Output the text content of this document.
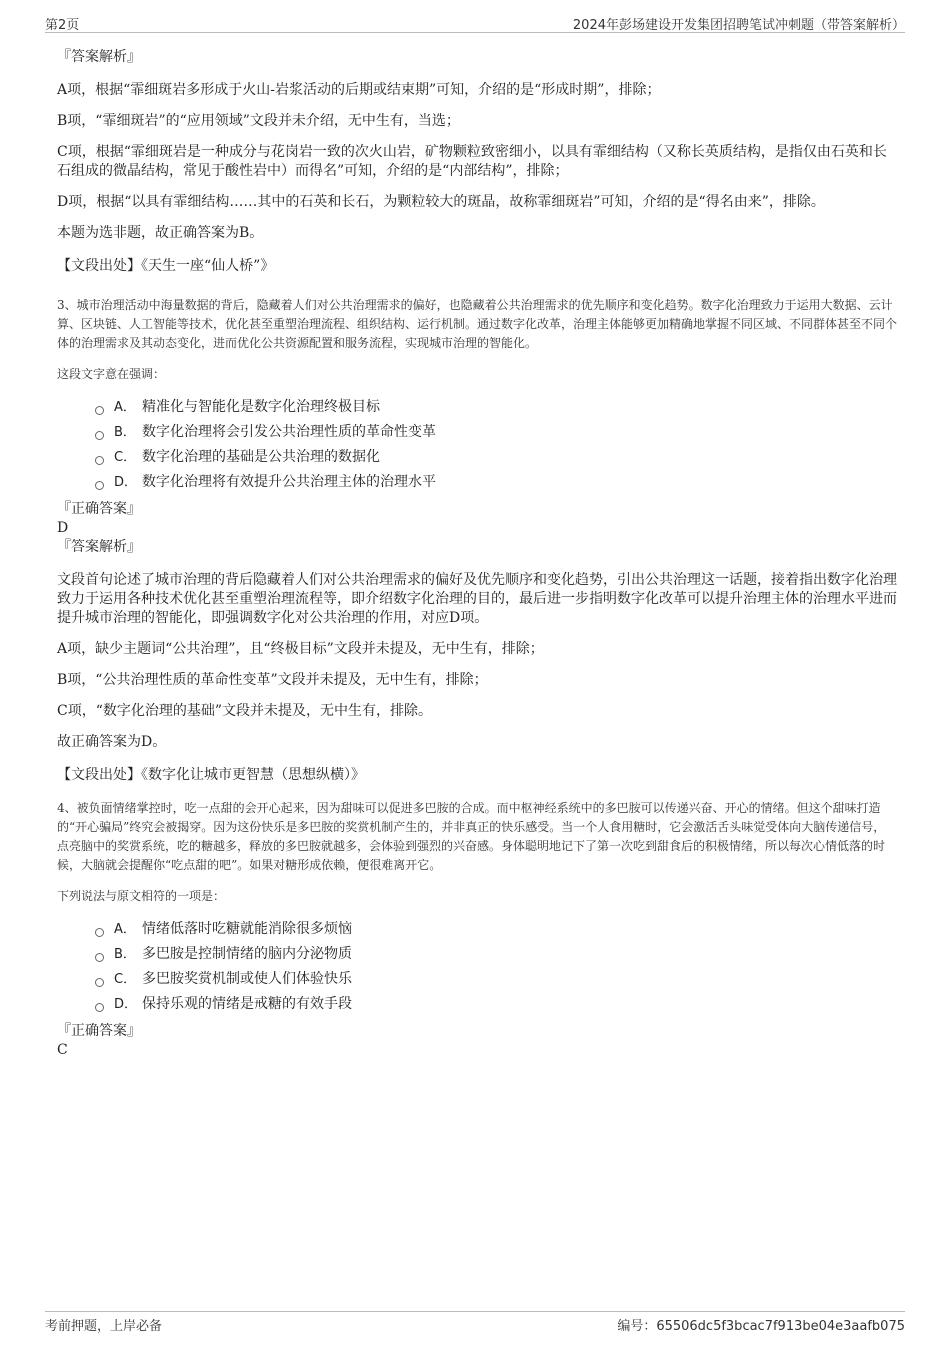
第2页	2024年彭场建设开发集团招聘笔试冲刺题（带答案解析）

『答案解析』

A项，根据“霏细斑岩多形成于火山-岩浆活动的后期或结束期”可知，介绍的是“形成时期”，排除；

B项，“霏细斑岩”的“应用领域”文段并未介绍，无中生有，当选；

C项，根据“霏细斑岩是一种成分与花岗岩一致的次火山岩，矿物颗粒致密细小，以具有霏细结构（又称长英质结构，是指仅由石英和长石组成的微晶结构，常见于酸性岩中）而得名”可知，介绍的是“内部结构”，排除；

D项，根据“以具有霏细结构……其中的石英和长石，为颗粒较大的斑晶，故称霏细斑岩”可知，介绍的是“得名由来”，排除。

本题为选非题，故正确答案为B。

【文段出处】《天生一座“仙人桥”》

3、城市治理活动中海量数据的背后，隐藏着人们对公共治理需求的偏好，也隐藏着公共治理需求的优先顺序和变化趋势。数字化治理致力于运用大数据、云计算、区块链、人工智能等技术，优化甚至重塑治理流程、组织结构、运行机制。通过数字化改革，治理主体能够更加精确地掌握不同区域、不同群体甚至不同个体的治理需求及其动态变化，进而优化公共资源配置和服务流程，实现城市治理的智能化。

这段文字意在强调：

A． 精准化与智能化是数字化治理终极目标
B． 数字化治理将会引发公共治理性质的革命性变革
C． 数字化治理的基础是公共治理的数据化
D． 数字化治理将有效提升公共治理主体的治理水平

『正确答案』

D

『答案解析』

文段首句论述了城市治理的背后隐藏着人们对公共治理需求的偏好及优先顺序和变化趋势，引出公共治理这一话题，接着指出数字化治理致力于运用各种技术优化甚至重塑治理流程等，即介绍数字化治理的目的，最后进一步指明数字化改革可以提升治理主体的治理水平进而提升城市治理的智能化，即强调数字化对公共治理的作用，对应D项。

A项，缺少主题词“公共治理”，且“终极目标”文段并未提及，无中生有，排除；

B项，“公共治理性质的革命性变革”文段并未提及，无中生有，排除；

C项，“数字化治理的基础”文段并未提及，无中生有，排除。

故正确答案为D。

【文段出处】《数字化让城市更智慧（思想纵横）》

4、被负面情绪掌控时，吃一点甜的会开心起来，因为甜味可以促进多巴胺的合成。而中枢神经系统中的多巴胺可以传递兴奋、开心的情绪。但这个甜味打造的“开心骗局”终究会被揭穿。因为这份快乐是多巴胺的奖赏机制产生的，并非真正的快乐感受。当一个人食用糖时，它会激活舌头味觉受体向大脑传递信号，点亮脑中的奖赏系统，吃的糖越多，释放的多巴胺就越多，会体验到强烈的兴奋感。身体聪明地记下了第一次吃到甜食后的积极情绪，所以每次心情低落的时候，大脑就会提醒你“吃点甜的吧”。如果对糖形成依赖，便很难离开它。

下列说法与原文相符的一项是：

A． 情绪低落时吃糖就能消除很多烦恼
B． 多巴胺是控制情绪的脑内分泌物质
C． 多巴胺奖赏机制或使人们体验快乐
D． 保持乐观的情绪是戒糖的有效手段

『正确答案』

C

考前押题，上岸必备	编号：65506dc5f3bcac7f913be04e3aafb075
